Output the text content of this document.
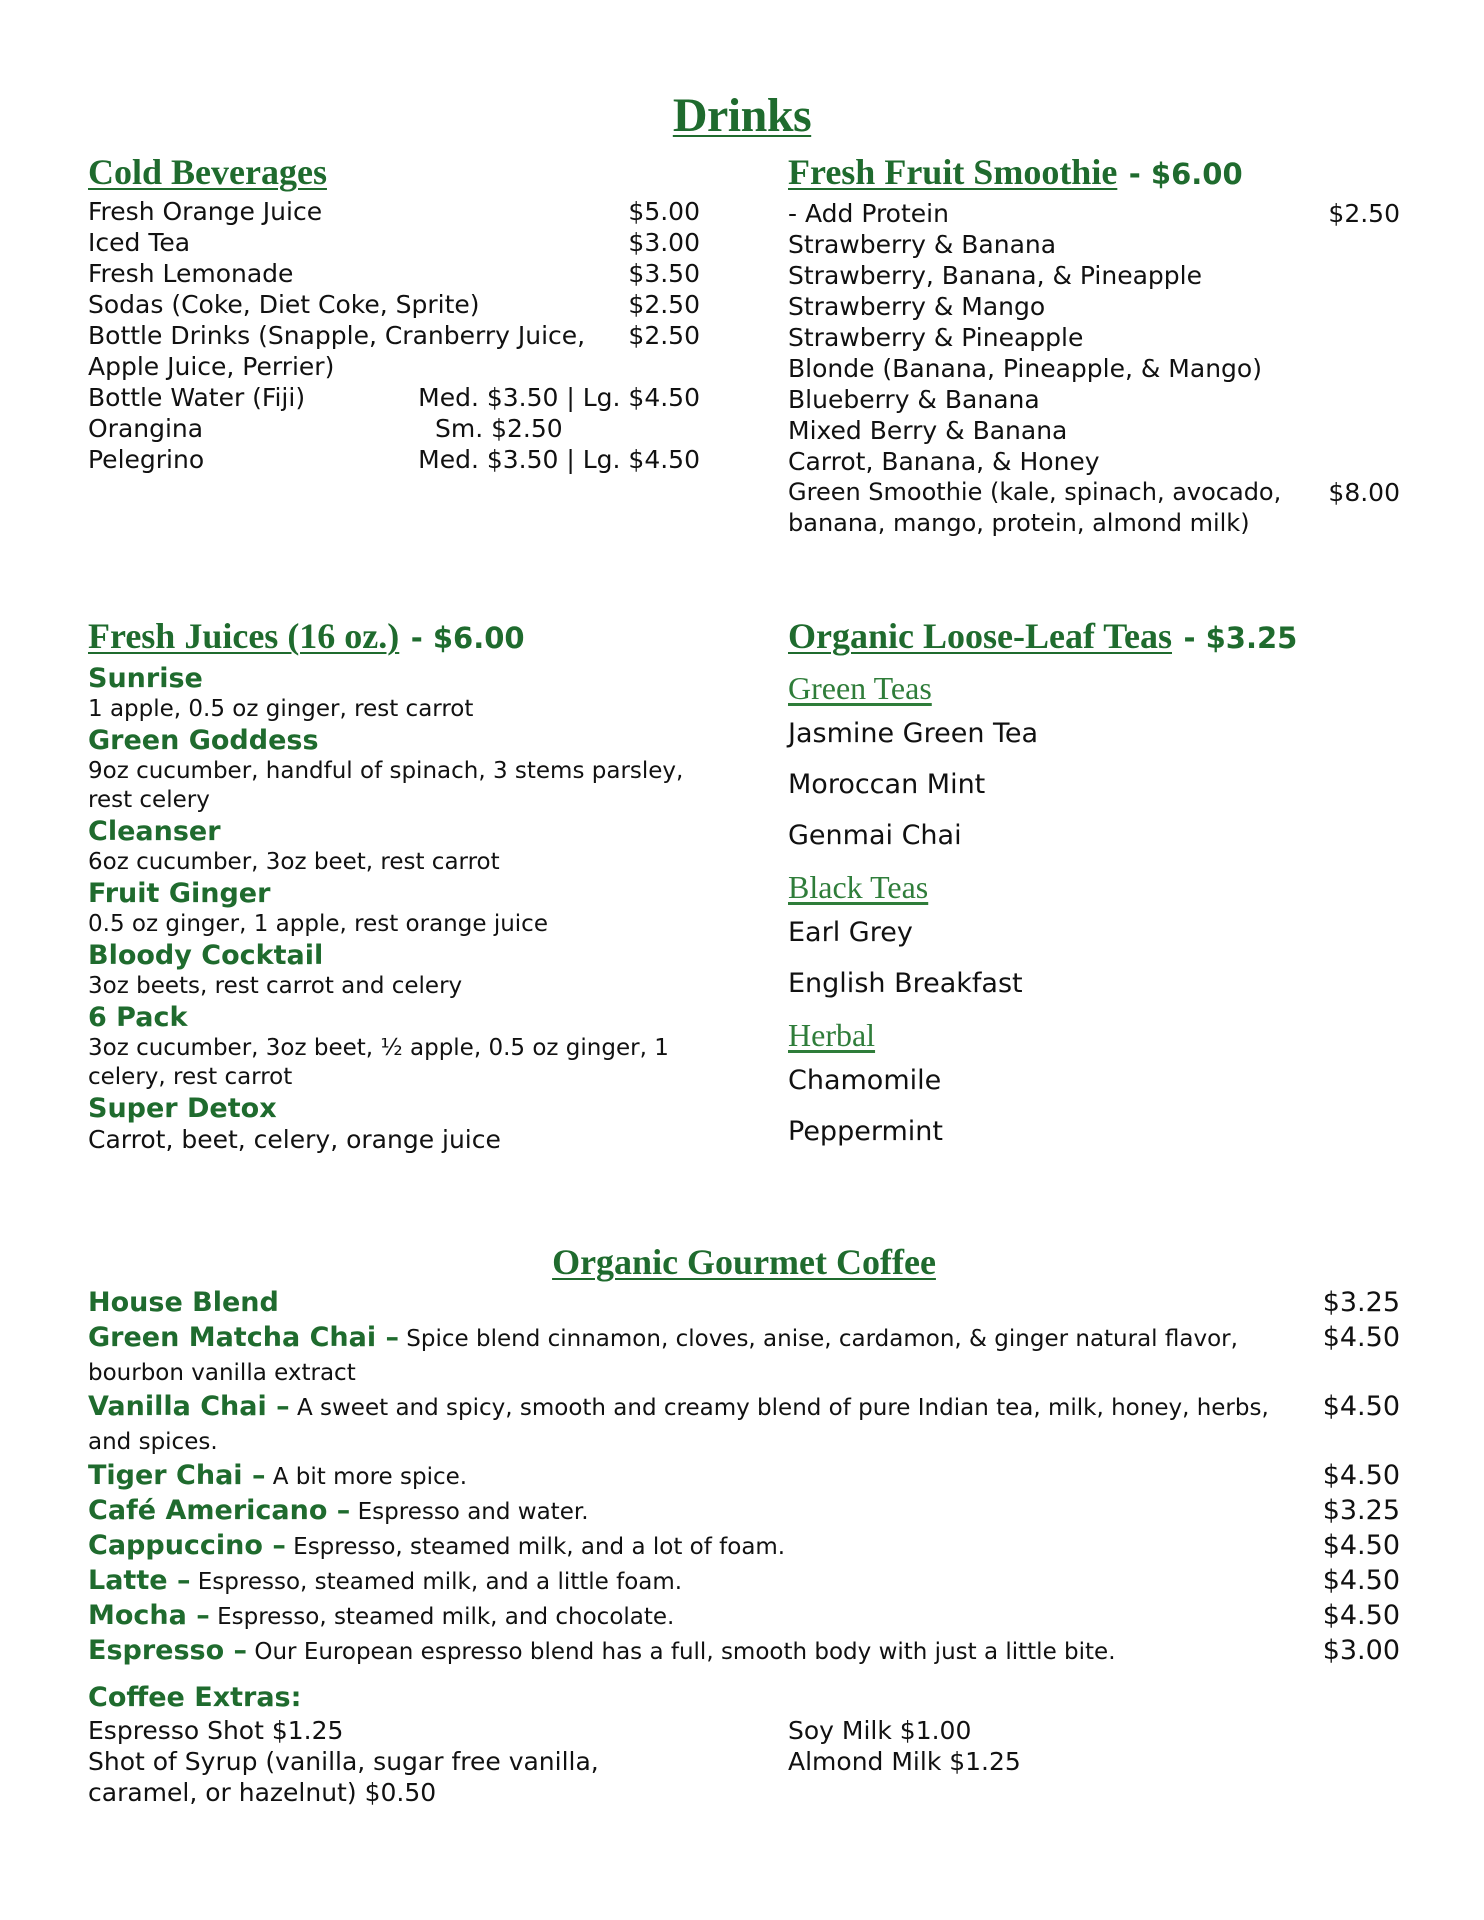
Drinks
Cold Beverages
Fresh Orange Juice	$5.00
Iced Tea	$3.00
Fresh Lemonade	$3.50
Sodas (Coke, Diet Coke, Sprite)	$2.50
Bottle Drinks (Snapple, Cranberry Juice, Apple Juice, Perrier)
$2.50
Bottle Water (Fiji)	Med. $3.50 | Lg. $4.50
Orangina	Sm. $2.50
Pelegrino	Med. $3.50 | Lg. $4.50
Fresh Fruit Smoothie - $6.00
- Add Protein	$2.50
Strawberry & Banana
Strawberry, Banana, & Pineapple
Strawberry & Mango
Strawberry & Pineapple
Blonde (Banana, Pineapple, & Mango)
Blueberry & Banana
Mixed Berry & Banana
Carrot, Banana, & Honey
Green Smoothie (kale, spinach, avocado, banana, mango, protein, almond milk)
$8.00
Fresh Juices (16 oz.) - $6.00
Sunrise
1 apple, 0.5 oz ginger, rest carrot
Green Goddess
9oz cucumber, handful of spinach, 3 stems parsley, rest celery
Cleanser
6oz cucumber, 3oz beet, rest carrot
Fruit Ginger
0.5 oz ginger, 1 apple, rest orange juice
Bloody Cocktail
3oz beets, rest carrot and celery
6 Pack
3oz cucumber, 3oz beet, ½ apple, 0.5 oz ginger, 1 celery, rest carrot
Super Detox
Carrot, beet, celery, orange juice
Organic Loose-Leaf Teas - $3.25
Green Teas
Jasmine Green Tea
Moroccan Mint
Genmai Chai
Black Teas
Earl Grey
English Breakfast
Herbal
Chamomile
Peppermint
Organic Gourmet Coffee
House Blend	$3.25
Green Matcha Chai – Spice blend cinnamon, cloves, anise, cardamon, & ginger natural flavor, bourbon vanilla extract
$4.50
Vanilla Chai – A sweet and spicy, smooth and creamy blend of pure Indian tea, milk, honey, herbs, and spices.
$4.50
Tiger Chai – A bit more spice.	$4.50
Café Americano – Espresso and water.	$3.25
Cappuccino – Espresso, steamed milk, and a lot of foam.	$4.50
Latte – Espresso, steamed milk, and a little foam.	$4.50
Mocha – Espresso, steamed milk, and chocolate.	$4.50
Espresso – Our European espresso blend has a full, smooth body with just a little bite.	$3.00
Coffee Extras:
Espresso Shot $1.25
Shot of Syrup (vanilla, sugar free vanilla, caramel, or hazelnut) $0.50
Soy Milk $1.00
Almond Milk $1.25
